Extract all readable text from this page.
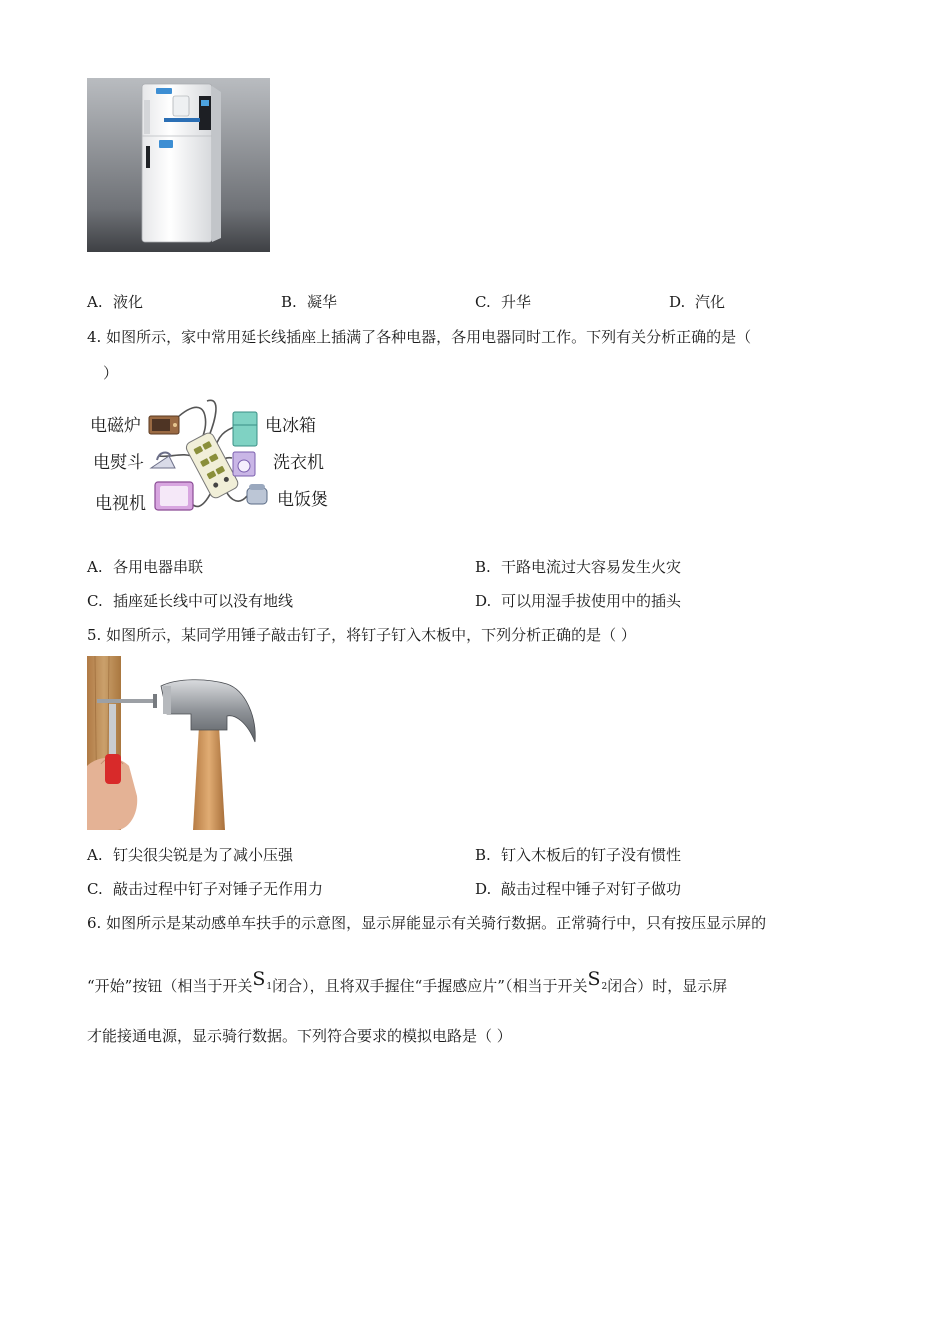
A. 液化	B. 凝华	C. 升华	D. 汽化
4. 如图所示，家中常用延长线插座上插满了各种电器，各用电器同时工作。下列有关分析正确的是（
）
电磁炉	电冰箱
电熨斗	洗衣机
电视机	电饭煲
A. 各用电器串联	B. 干路电流过大容易发生火灾
C. 插座延长线中可以没有地线	D. 可以用湿手拔使用中的插头
5. 如图所示，某同学用锤子敲击钉子，将钉子钉入木板中，下列分析正确的是（ ）
A. 钉尖很尖锐是为了减小压强	B. 钉入木板后的钉子没有惯性
C. 敲击过程中钉子对锤子无作用力	D. 敲击过程中锤子对钉子做功
6. 如图所示是某动感单车扶手的示意图，显示屏能显示有关骑行数据。正常骑行中，只有按压显示屏的
“开始”按钮（相当于开关S1闭合），且将双手握住“手握感应片”（相当于开关S2闭合）时，显示屏
才能接通电源，显示骑行数据。下列符合要求的模拟电路是（ ）
